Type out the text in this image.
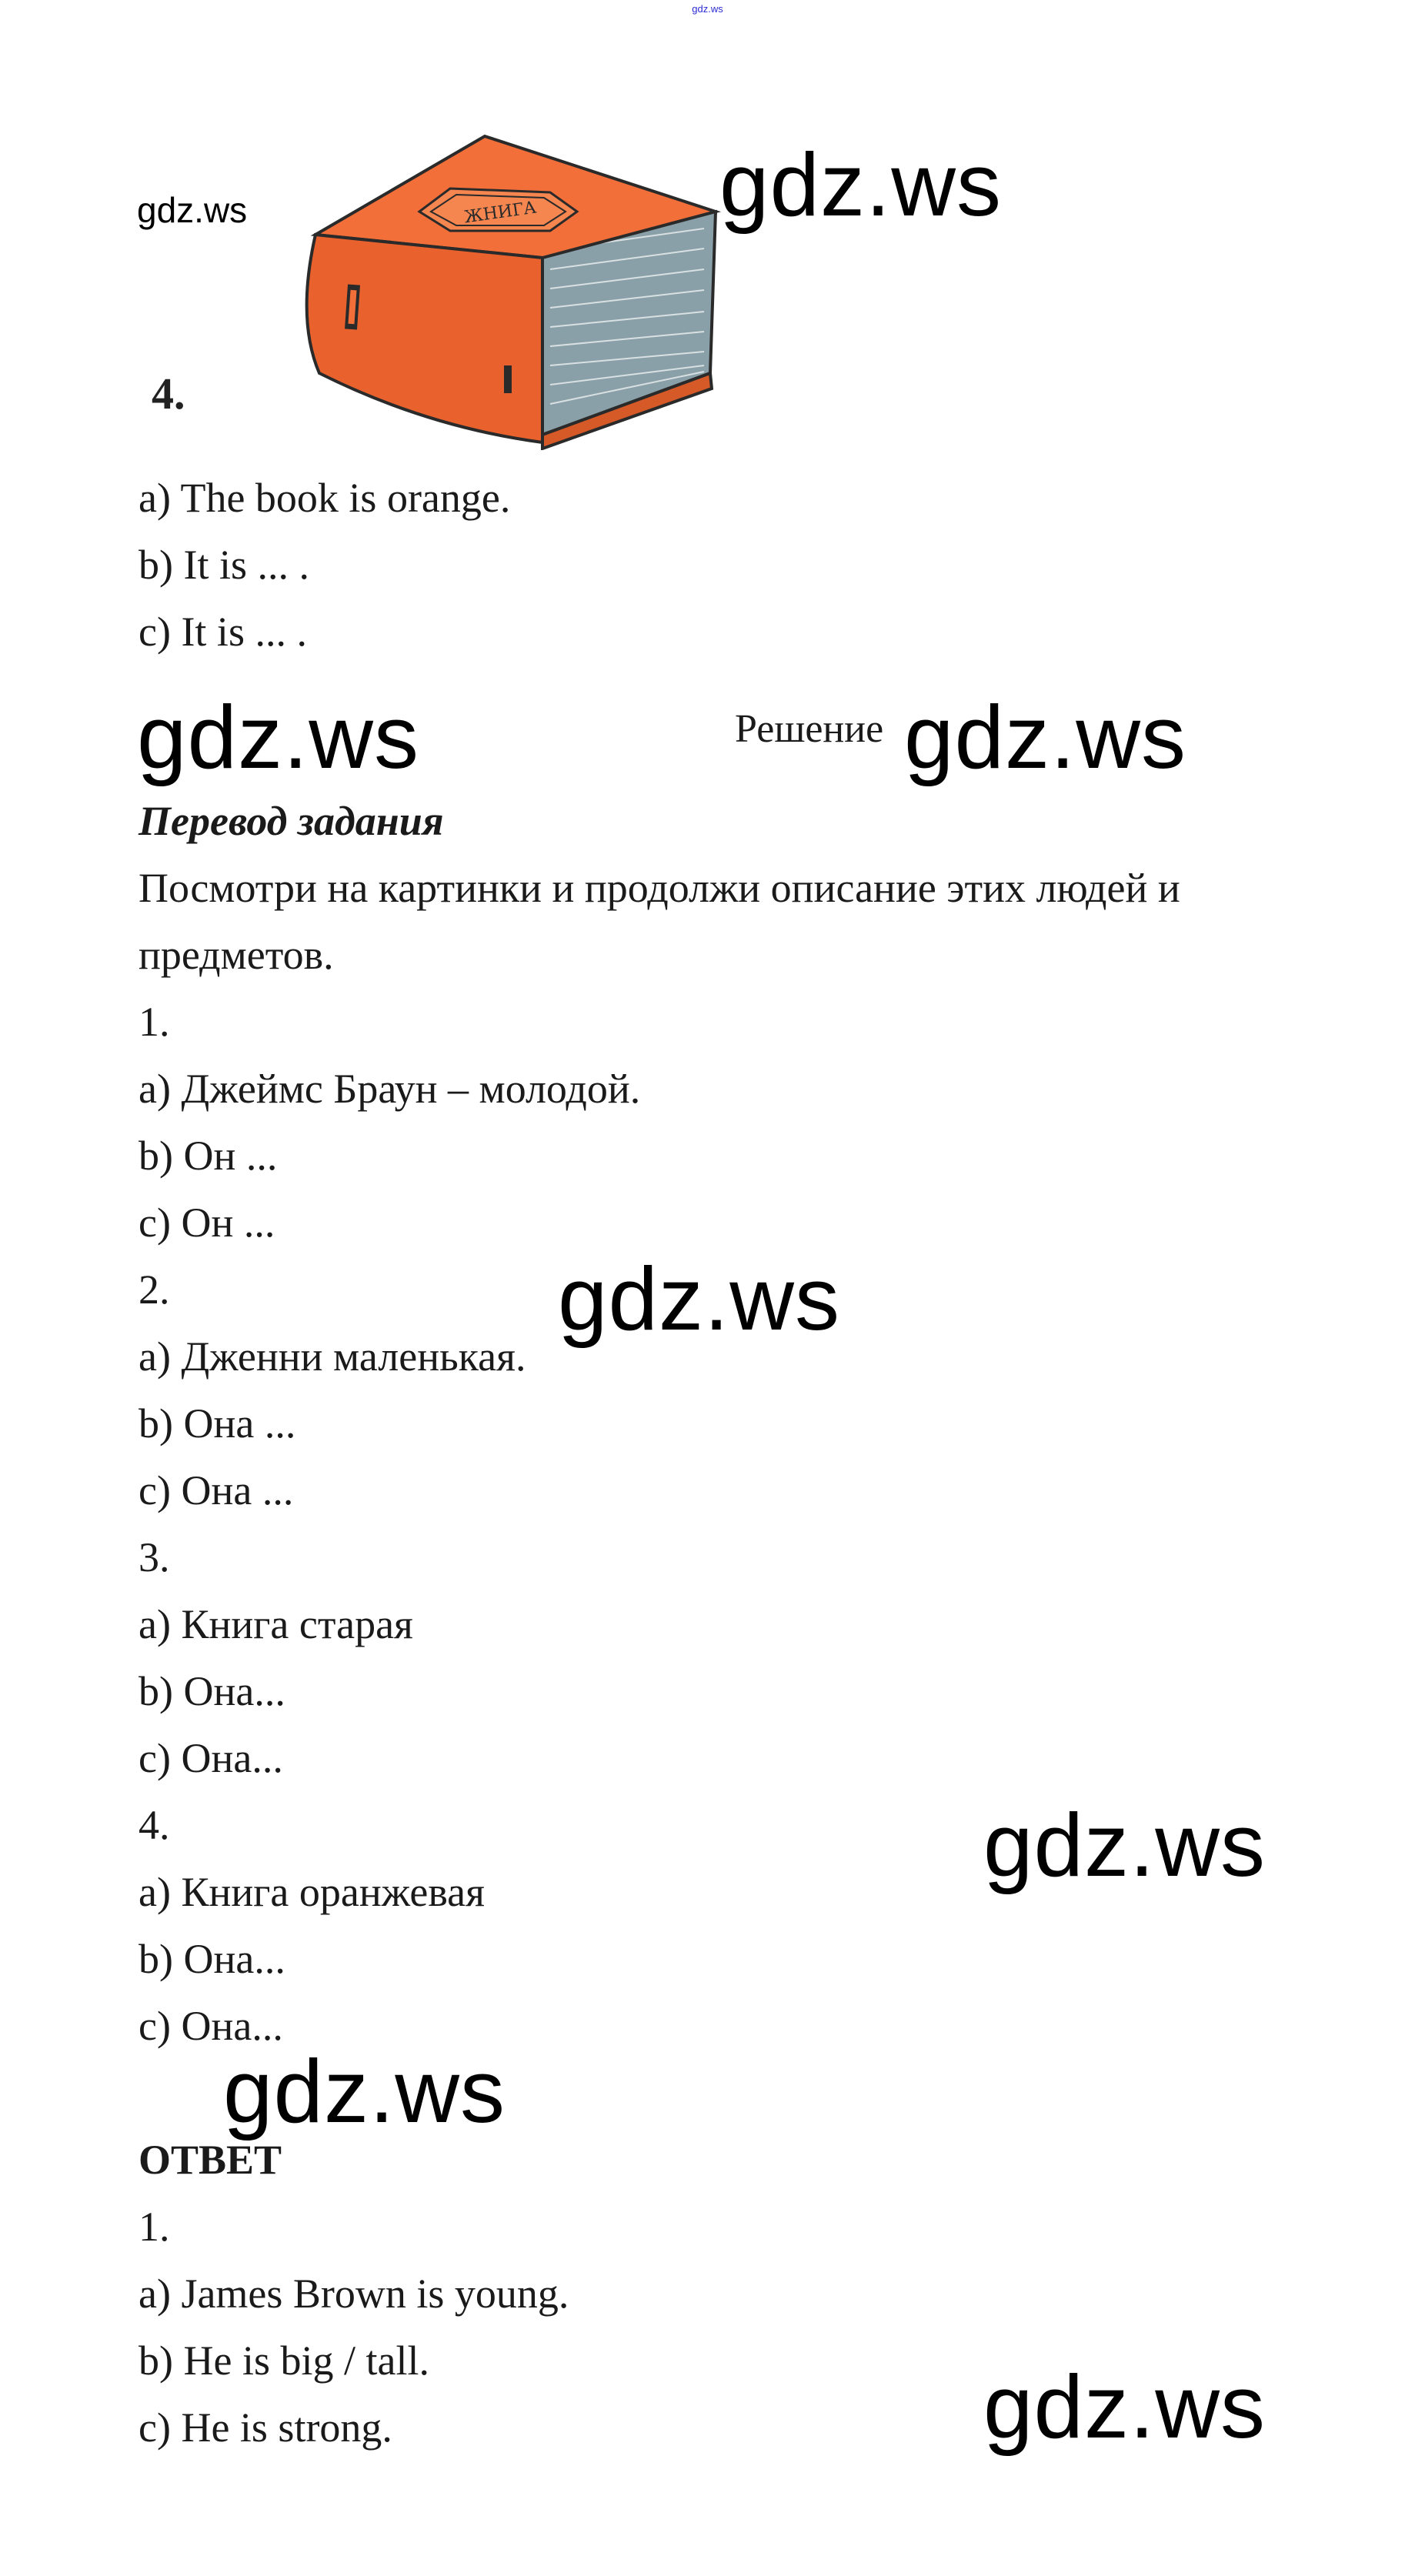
gdz.ws
ЖНИГА
4.
gdz.ws	gdz.ws
gdz.ws	gdz.ws
gdz.ws
gdz.ws
gdz.ws
gdz.ws
a) The book is orange.
b) It is ... .
c) It is ... .
Решение
Перевод задания
Посмотри на картинки и продолжи описание этих людей и
предметов.
1.
a) Джеймс Браун – молодой.
b) Он ...
c) Он ...
2.
a) Дженни маленькая.
b) Она ...
c) Она ...
3.
a) Книга старая
b) Она...
c) Она...
4.
a) Книга оранжевая
b) Она...
c) Она...
ОТВЕТ
1.
a) James Brown is young.
b) He is big / tall.
c) He is strong.
